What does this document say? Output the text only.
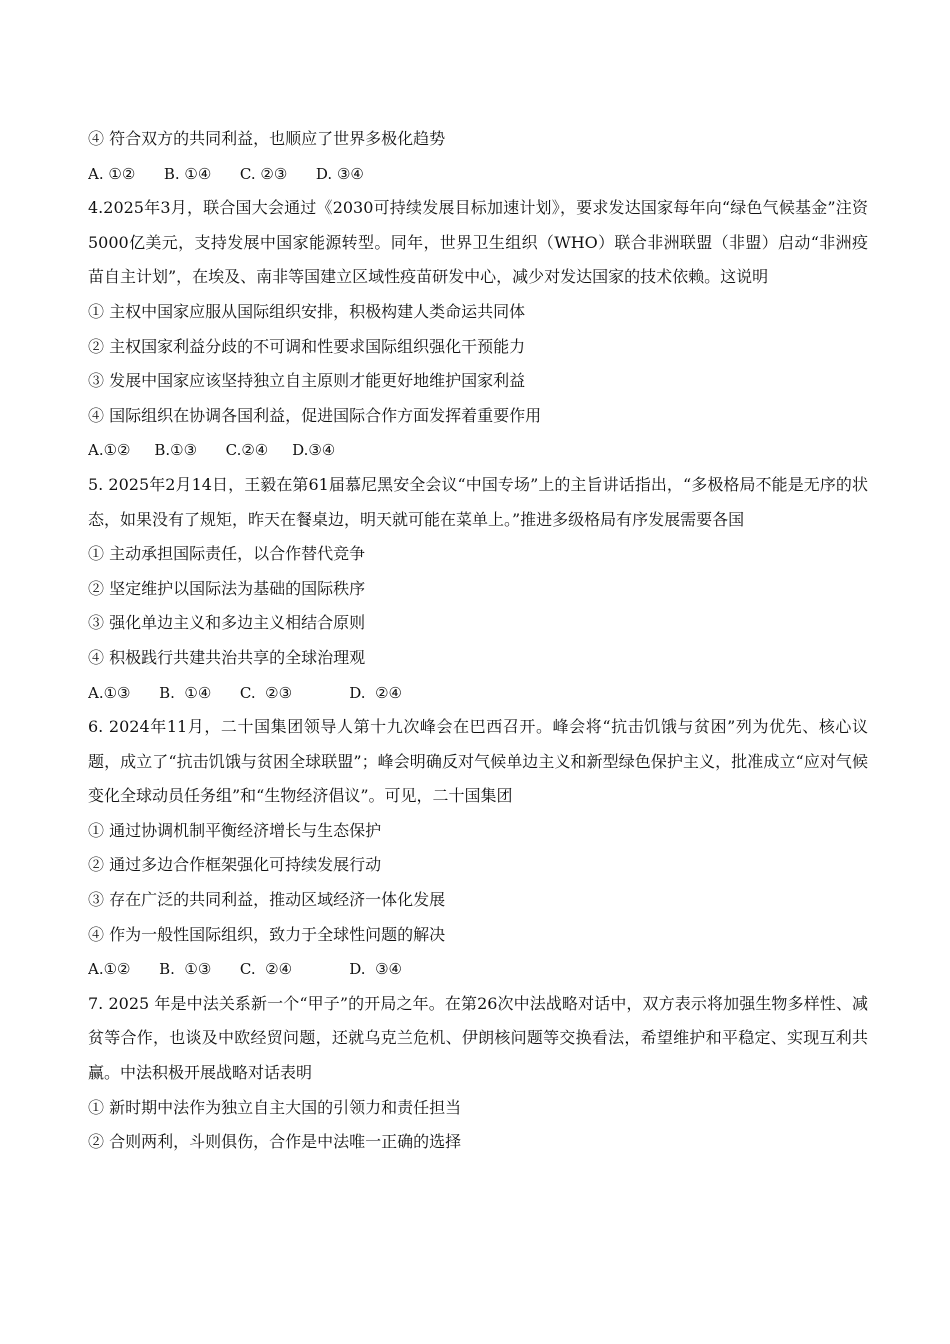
④ 符合双方的共同利益，也顺应了世界多极化趋势
A. ①②      B. ①④      C. ②③      D. ③④
4.2025年3月，联合国大会通过《2030可持续发展目标加速计划》，要求发达国家每年向“绿色气候基金”注资5000亿美元，支持发展中国家能源转型。同年，世界卫生组织（WHO）联合非洲联盟（非盟）启动“非洲疫苗自主计划”，在埃及、南非等国建立区域性疫苗研发中心，减少对发达国家的技术依赖。这说明
① 主权中国家应服从国际组织安排，积极构建人类命运共同体
② 主权国家利益分歧的不可调和性要求国际组织强化干预能力
③ 发展中国家应该坚持独立自主原则才能更好地维护国家利益
④ 国际组织在协调各国利益，促进国际合作方面发挥着重要作用
A.①②     B.①③      C.②④     D.③④
5. 2025年2月14日，王毅在第61届慕尼黑安全会议“中国专场”上的主旨讲话指出，“多极格局不能是无序的状态，如果没有了规矩，昨天在餐桌边，明天就可能在菜单上。”推进多级格局有序发展需要各国
① 主动承担国际责任，以合作替代竞争
② 坚定维护以国际法为基础的国际秩序
③ 强化单边主义和多边主义相结合原则
④ 积极践行共建共治共享的全球治理观
A.①③      B.  ①④      C.  ②③            D.  ②④
6. 2024年11月，二十国集团领导人第十九次峰会在巴西召开。峰会将“抗击饥饿与贫困”列为优先、核心议题，成立了“抗击饥饿与贫困全球联盟”；峰会明确反对气候单边主义和新型绿色保护主义，批准成立“应对气候变化全球动员任务组”和“生物经济倡议”。可见，二十国集团
① 通过协调机制平衡经济增长与生态保护
② 通过多边合作框架强化可持续发展行动
③ 存在广泛的共同利益，推动区域经济一体化发展
④ 作为一般性国际组织，致力于全球性问题的解决
A.①②      B.  ①③      C.  ②④            D.  ③④
7. 2025 年是中法关系新一个“甲子”的开局之年。在第26次中法战略对话中，双方表示将加强生物多样性、减贫等合作，也谈及中欧经贸问题，还就乌克兰危机、伊朗核问题等交换看法，希望维护和平稳定、实现互利共赢。中法积极开展战略对话表明
① 新时期中法作为独立自主大国的引领力和责任担当
② 合则两利，斗则俱伤，合作是中法唯一正确的选择
